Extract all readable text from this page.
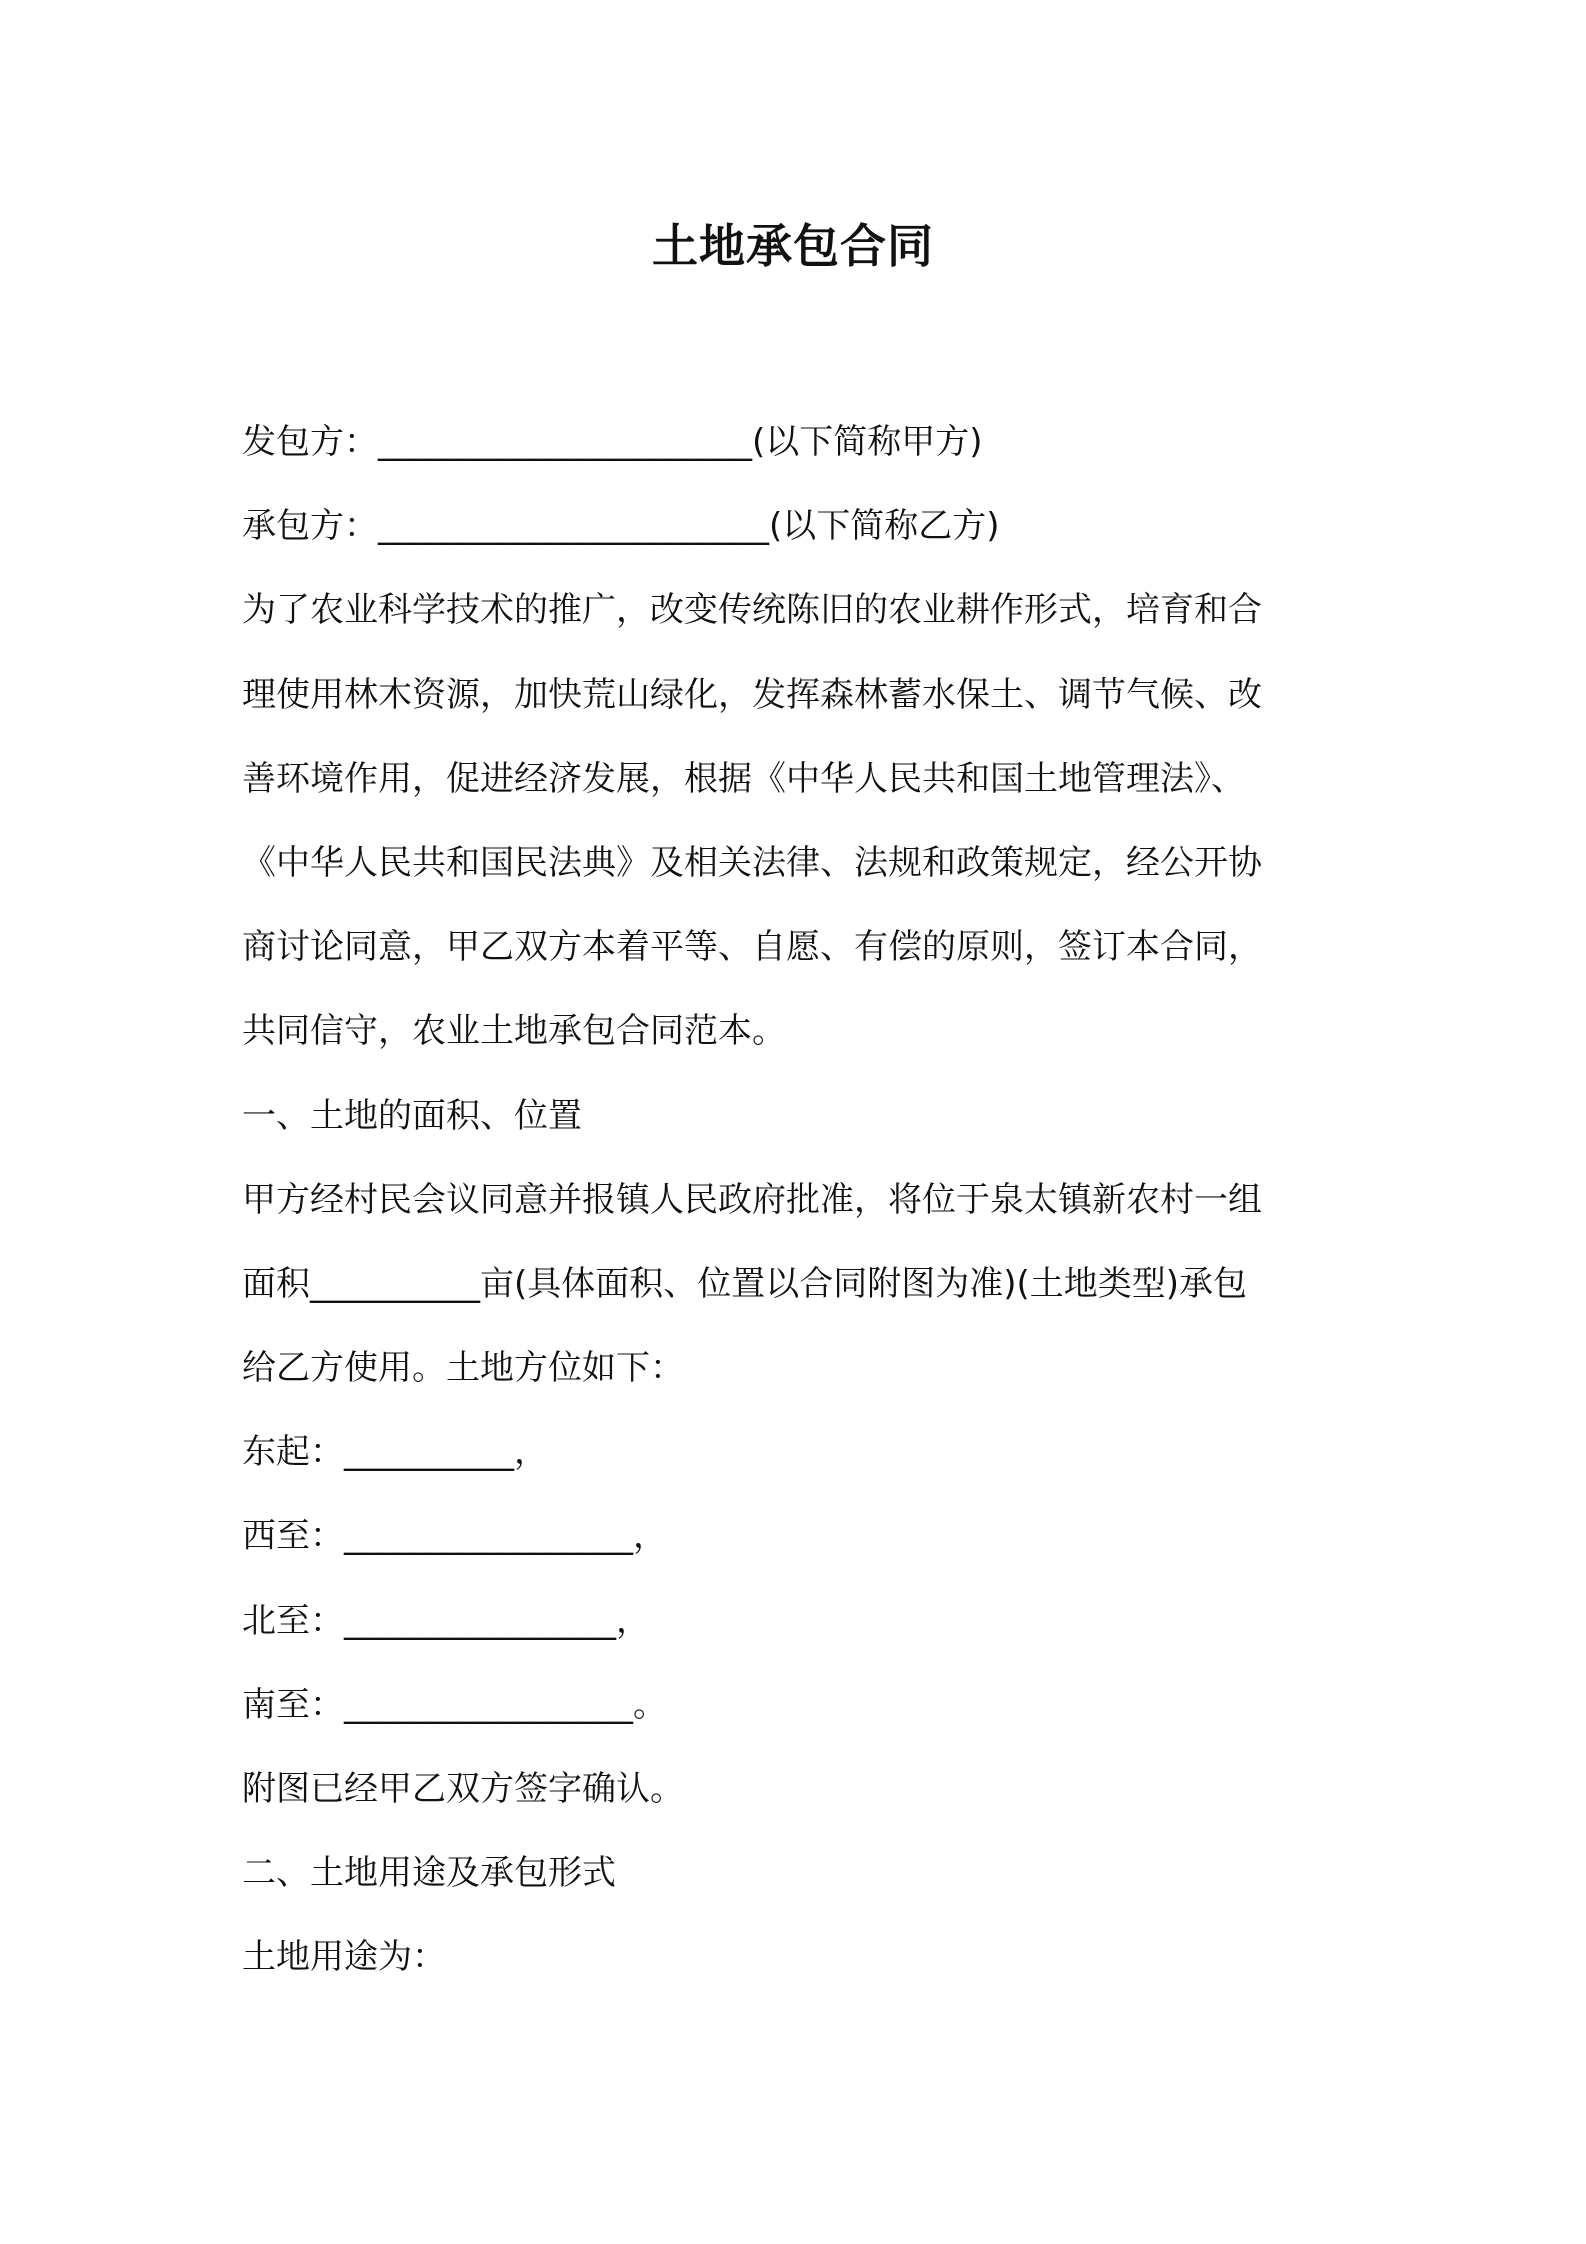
土地承包合同
发包方：______________________(以下简称甲方)
承包方：_______________________(以下简称乙方)
为了农业科学技术的推广，改变传统陈旧的农业耕作形式，培育和合
理使用林木资源，加快荒山绿化，发挥森林蓄水保土、调节气候、改
善环境作用，促进经济发展，根据《中华人民共和国土地管理法》、
《中华人民共和国民法典》及相关法律、法规和政策规定，经公开协
商讨论同意，甲乙双方本着平等、自愿、有偿的原则，签订本合同，
共同信守，农业土地承包合同范本。
一、土地的面积、位置
甲方经村民会议同意并报镇人民政府批准，将位于泉太镇新农村一组
面积__________亩(具体面积、位置以合同附图为准)(土地类型)承包
给乙方使用。土地方位如下：
东起：__________，
西至：_________________，
北至：________________，
南至：_________________。
附图已经甲乙双方签字确认。
二、土地用途及承包形式
土地用途为：
